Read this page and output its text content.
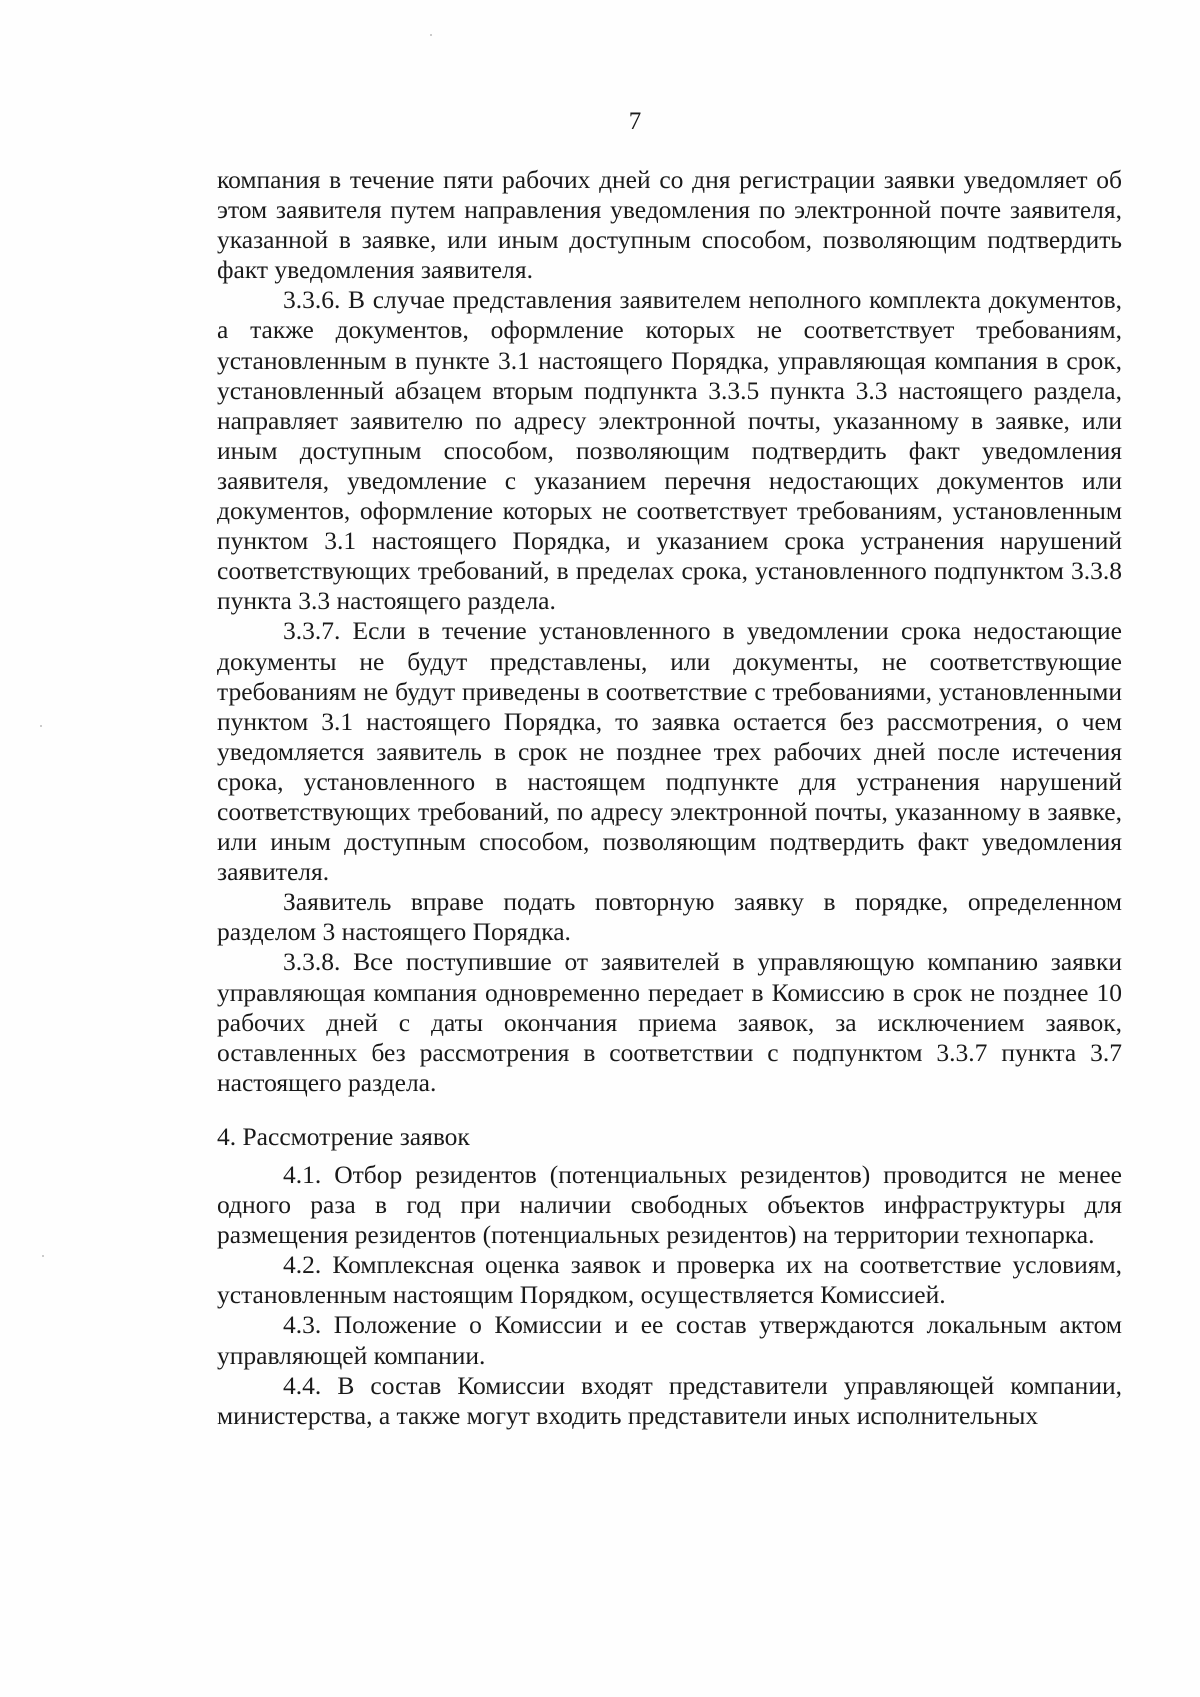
7

компания в течение пяти рабочих дней со дня регистрации заявки уведомляет об этом заявителя путем направления уведомления по электронной почте заявителя, указанной в заявке, или иным доступным способом, позволяющим подтвердить факт уведомления заявителя.

3.3.6. В случае представления заявителем неполного комплекта документов, а также документов, оформление которых не соответствует требованиям, установленным в пункте 3.1 настоящего Порядка, управляющая компания в срок, установленный абзацем вторым подпункта 3.3.5 пункта 3.3 настоящего раздела, направляет заявителю по адресу электронной почты, указанному в заявке, или иным доступным способом, позволяющим подтвердить факт уведомления заявителя, уведомление с указанием перечня недостающих документов или документов, оформление которых не соответствует требованиям, установленным пунктом 3.1 настоящего Порядка, и указанием срока устранения нарушений соответствующих требований, в пределах срока, установленного подпунктом 3.3.8 пункта 3.3 настоящего раздела.

3.3.7. Если в течение установленного в уведомлении срока недостающие документы не будут представлены, или документы, не соответствующие требованиям не будут приведены в соответствие с требованиями, установленными пунктом 3.1 настоящего Порядка, то заявка остается без рассмотрения, о чем уведомляется заявитель в срок не позднее трех рабочих дней после истечения срока, установленного в настоящем подпункте для устранения нарушений соответствующих требований, по адресу электронной почты, указанному в заявке, или иным доступным способом, позволяющим подтвердить факт уведомления заявителя.

Заявитель вправе подать повторную заявку в порядке, определенном разделом 3 настоящего Порядка.

3.3.8. Все поступившие от заявителей в управляющую компанию заявки управляющая компания одновременно передает в Комиссию в срок не позднее 10 рабочих дней с даты окончания приема заявок, за исключением заявок, оставленных без рассмотрения в соответствии с подпунктом 3.3.7 пункта 3.7 настоящего раздела.

4. Рассмотрение заявок

4.1. Отбор резидентов (потенциальных резидентов) проводится не менее одного раза в год при наличии свободных объектов инфраструктуры для размещения резидентов (потенциальных резидентов) на территории технопарка.

4.2. Комплексная оценка заявок и проверка их на соответствие условиям, установленным настоящим Порядком, осуществляется Комиссией.

4.3. Положение о Комиссии и ее состав утверждаются локальным актом управляющей компании.

4.4. В состав Комиссии входят представители управляющей компании, министерства, а также могут входить представители иных исполнительных
